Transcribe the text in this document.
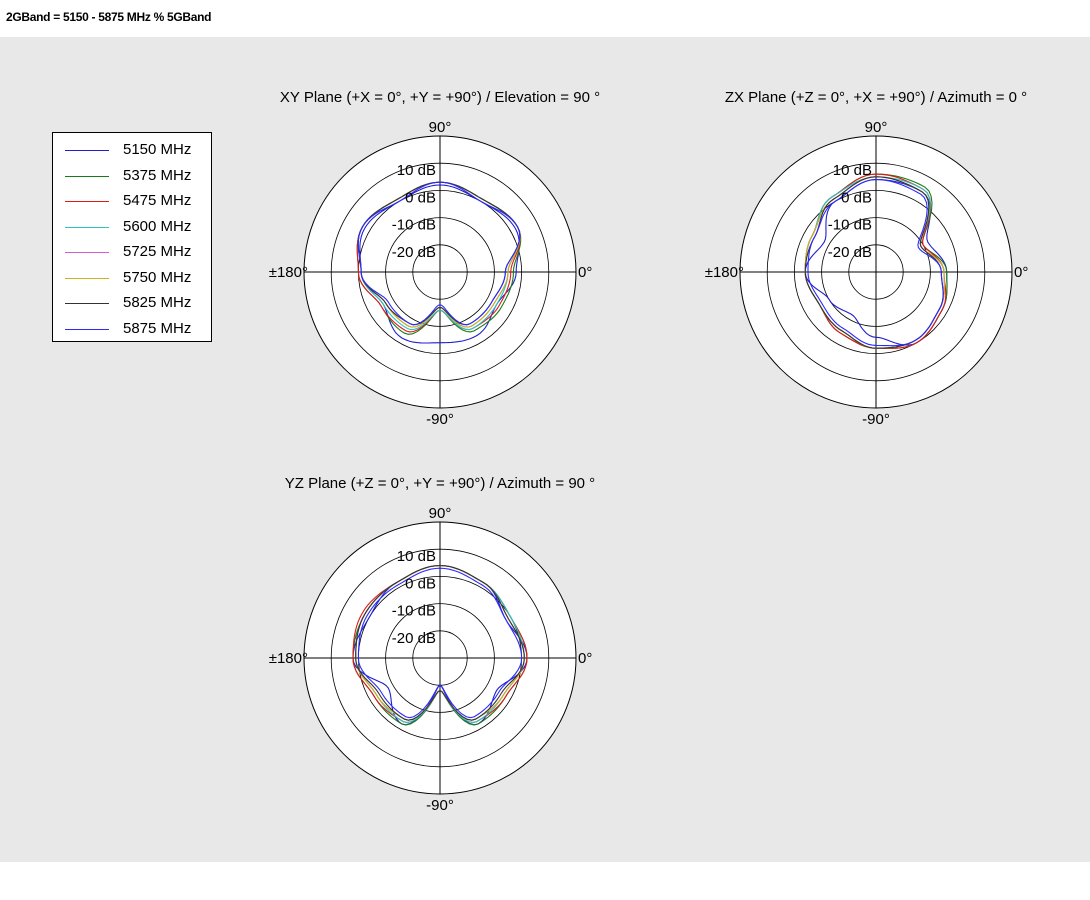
2GBand = 5150 - 5875 MHz % 5GBand
5150 MHz
5375 MHz
5475 MHz
5600 MHz
5725 MHz
5750 MHz
5825 MHz
5875 MHz
10 dB
0 dB
-10 dB
-20 dB
90°
-90°
±180°	0°
XY Plane (+X = 0°, +Y = +90°) / Elevation = 90 °
10 dB
0 dB
-10 dB
-20 dB
90°
-90°
±180°	0°
ZX Plane (+Z = 0°, +X = +90°) / Azimuth = 0 °
10 dB
0 dB
-10 dB
-20 dB
90°
-90°
±180°	0°
YZ Plane (+Z = 0°, +Y = +90°) / Azimuth = 90 °
